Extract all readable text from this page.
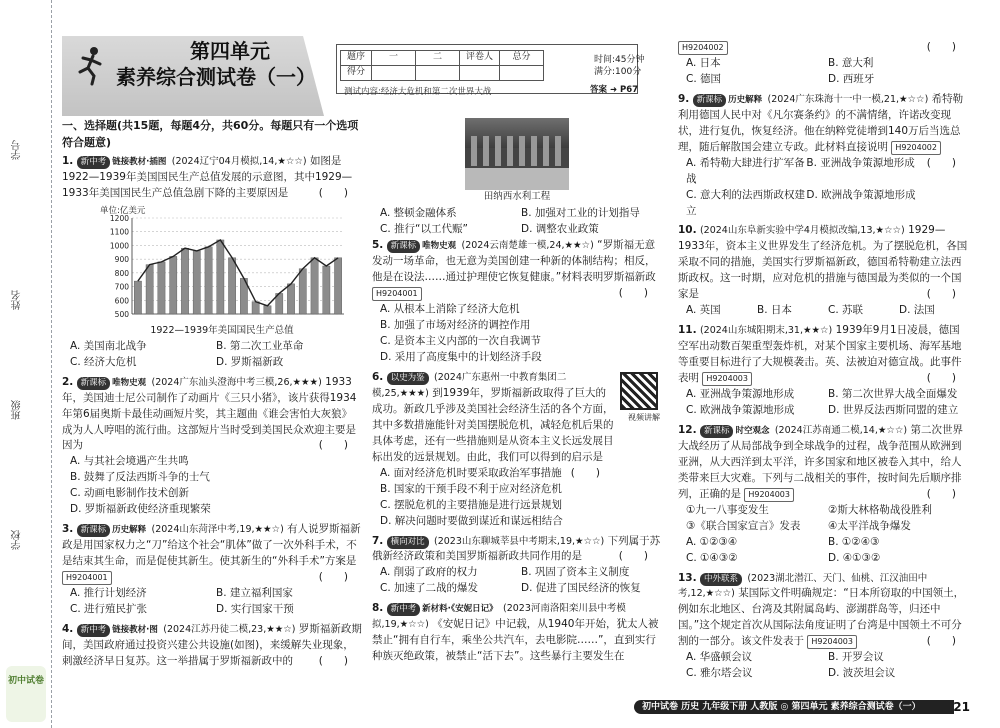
学号
姓名
班级
学校
初中试卷
第四单元
素养综合测试卷（一）
题序	一	二	评卷人	总分
得分				
时间:45分钟
满分:100分
测试内容:经济大危机和第二次世界大战	答案 ➜ P67
一、选择题(共15题，每题4分，共60分。每题只有一个选项符合题意)
1. 新中考 链接教材·插图 (2024辽宁04月模拟,14,★☆☆) 如图是1922—1939年美国国民生产总值发展的示意图，其中1929—1933年美国国民生产总值急剧下降的主要原因是	(　　)
单位:亿美元
500
600
700
800
900
1000
1100
1200
1922—1939年美国国民生产总值
A. 美国南北战争	B. 第二次工业革命
C. 经济大危机	D. 罗斯福新政
2. 新课标 唯物史观 (2024广东汕头澄海中考三模,26,★★★) 1933年，美国迪士尼公司制作了动画片《三只小猪》，该片获得1934年第6届奥斯卡最佳动画短片奖，其主题曲《谁会害怕大灰狼》成为人人哼唱的流行曲。这部短片当时受到美国民众欢迎主要是因为	(　　)
A. 与其社会境遇产生共鸣
B. 鼓舞了反法西斯斗争的士气
C. 动画电影制作技术创新
D. 罗斯福新政使经济重现繁荣
3. 新课标 历史解释 (2024山东菏泽中考,19,★★☆) 有人说罗斯福新政是用国家权力之“刀”给这个社会“肌体”做了一次外科手术，不是结束其生命，而是促使其新生。使其新生的“外科手术”方案是 H9204001	(　　)
A. 推行计划经济	B. 建立福利国家
C. 进行殖民扩张	D. 实行国家干预
4. 新中考 链接教材·图 (2024江苏丹徒二模,23,★★☆) 罗斯福新政期间，美国政府通过投资兴建公共设施(如图)，来缓解失业现象，刺激经济早日复苏。这一举措属于罗斯福新政中的 (　　)
田纳西水利工程
A. 整顿金融体系	B. 加强对工业的计划指导
C. 推行“以工代赈”	D. 调整农业政策
5. 新课标 唯物史观 (2024云南楚雄一模,24,★★☆) “罗斯福无意发动一场革命，也无意为美国创建一种新的体制结构；相反，他是在设法……通过护理使它恢复健康。”材料表明罗斯福新政 H9204001	(　　)
A. 从根本上消除了经济大危机
B. 加强了市场对经济的调控作用
C. 是资本主义内部的一次自我调节
D. 采用了高度集中的计划经济手段
视频讲解
6. 以史为鉴 (2024广东惠州一中教育集团二模,25,★★★) 到1939年，罗斯福新政取得了巨大的成功。新政几乎涉及美国社会经济生活的各个方面，其中多数措施能针对美国摆脱危机，减轻危机后果的具体考虑，还有一些措施则是从资本主义长远发展目标出发的远景规划。由此，我们可以得到的启示是
(　　)
A. 面对经济危机时要采取政治军事措施
B. 国家的干预手段不利于应对经济危机
C. 摆脱危机的主要措施是进行远景规划
D. 解决问题时要做到谋近和谋远相结合
7. 横向对比 (2023山东聊城莘县中考期末,19,★☆☆) 下列属于苏俄新经济政策和美国罗斯福新政共同作用的是	(　　)
A. 削弱了政府的权力	B. 巩固了资本主义制度
C. 加速了二战的爆发	D. 促进了国民经济的恢复
8. 新中考 新材料·《安妮日记》 (2023河南洛阳栾川县中考模拟,19,★☆☆) 《安妮日记》中记载，从1940年开始，犹太人被禁止“拥有自行车，乘坐公共汽车，去电影院……”，直到实行种族灭绝政策，被禁止“活下去”。这些暴行主要发生在
H9204002	(　　)
A. 日本	B. 意大利
C. 德国	D. 西班牙
9. 新课标 历史解释 (2024广东珠海十一中一模,21,★☆☆) 希特勒利用德国人民中对《凡尔赛条约》的不满情绪，许诺改变现状，进行复仇，恢复经济。他在纳粹党徒增到140万后当选总理，随后解散国会建立专政。此材料直接说明 H9204002
(　　)
A. 希特勒大肆进行扩军备战
B. 亚洲战争策源地形成
C. 意大利的法西斯政权建立
D. 欧洲战争策源地形成
10. (2024山东阜新实验中学4月模拟改编,13,★☆☆) 1929—1933年，资本主义世界发生了经济危机。为了摆脱危机，各国采取不同的措施，美国实行罗斯福新政，德国希特勒建立法西斯政权。这一时期，应对危机的措施与德国最为类似的一个国家是	(　　)
A. 英国	B. 日本	C. 苏联	D. 法国
11. (2024山东城阳期末,31,★★☆) 1939年9月1日凌晨，德国空军出动数百架重型轰炸机，对某个国家主要机场、海军基地等重要目标进行了大规模袭击。英、法被迫对德宣战。此事件表明 H9204003	(　　)
A. 亚洲战争策源地形成	B. 第二次世界大战全面爆发
C. 欧洲战争策源地形成	D. 世界反法西斯同盟的建立
12. 新课标 时空观念 (2024江苏南通二模,14,★☆☆) 第二次世界大战经历了从局部战争到全球战争的过程，战争范围从欧洲到亚洲，从大西洋到太平洋，许多国家和地区被卷入其中，给人类带来巨大灾难。下列与二战相关的事件，按时间先后顺序排列，正确的是 H9204003	(　　)
①九一八事变发生	②斯大林格勒战役胜利
③《联合国家宣言》发表	④太平洋战争爆发
A. ①②③④	B. ①②④③
C. ①④③②	D. ④①③②
13. 中外联系 (2023湖北潜江、天门、仙桃、江汉油田中考,12,★☆☆) 某国际文件明确规定：“日本所窃取的中国领土，例如东北地区、台湾及其附属岛屿、澎湖群岛等，归还中国。”这个规定首次从国际法角度证明了台湾是中国领土不可分割的一部分。该文件发表于 H9204003	(　　)
A. 华盛顿会议	B. 开罗会议
C. 雅尔塔会议	D. 波茨坦会议
初中试卷 历史 九年级下册 人教版 ◎ 第四单元 素养综合测试卷（一）	21
